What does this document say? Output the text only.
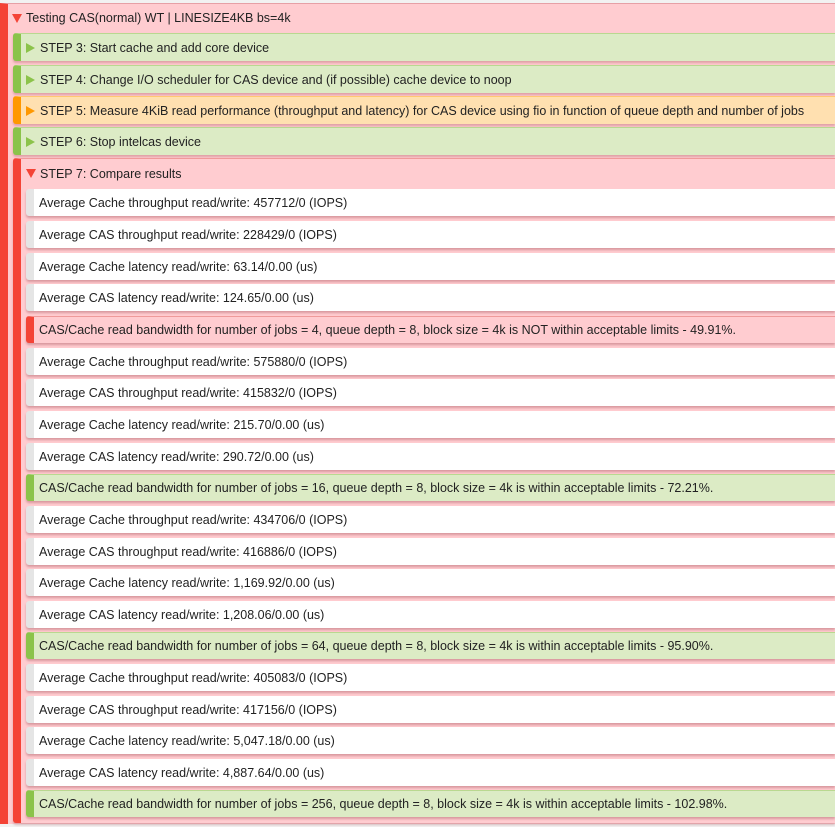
Testing CAS(normal) WT | LINESIZE4KB bs=4k
STEP 3: Start cache and add core device
STEP 4: Change I/O scheduler for CAS device and (if possible) cache device to noop
STEP 5: Measure 4KiB read performance (throughput and latency) for CAS device using fio in function of queue depth and number of jobs
STEP 6: Stop intelcas device
STEP 7: Compare results
Average Cache throughput read/write: 457712/0 (IOPS)
Average CAS throughput read/write: 228429/0 (IOPS)
Average Cache latency read/write: 63.14/0.00 (us)
Average CAS latency read/write: 124.65/0.00 (us)
CAS/Cache read bandwidth for number of jobs = 4, queue depth = 8, block size = 4k is NOT within acceptable limits - 49.91%.
Average Cache throughput read/write: 575880/0 (IOPS)
Average CAS throughput read/write: 415832/0 (IOPS)
Average Cache latency read/write: 215.70/0.00 (us)
Average CAS latency read/write: 290.72/0.00 (us)
CAS/Cache read bandwidth for number of jobs = 16, queue depth = 8, block size = 4k is within acceptable limits - 72.21%.
Average Cache throughput read/write: 434706/0 (IOPS)
Average CAS throughput read/write: 416886/0 (IOPS)
Average Cache latency read/write: 1,169.92/0.00 (us)
Average CAS latency read/write: 1,208.06/0.00 (us)
CAS/Cache read bandwidth for number of jobs = 64, queue depth = 8, block size = 4k is within acceptable limits - 95.90%.
Average Cache throughput read/write: 405083/0 (IOPS)
Average CAS throughput read/write: 417156/0 (IOPS)
Average Cache latency read/write: 5,047.18/0.00 (us)
Average CAS latency read/write: 4,887.64/0.00 (us)
CAS/Cache read bandwidth for number of jobs = 256, queue depth = 8, block size = 4k is within acceptable limits - 102.98%.
